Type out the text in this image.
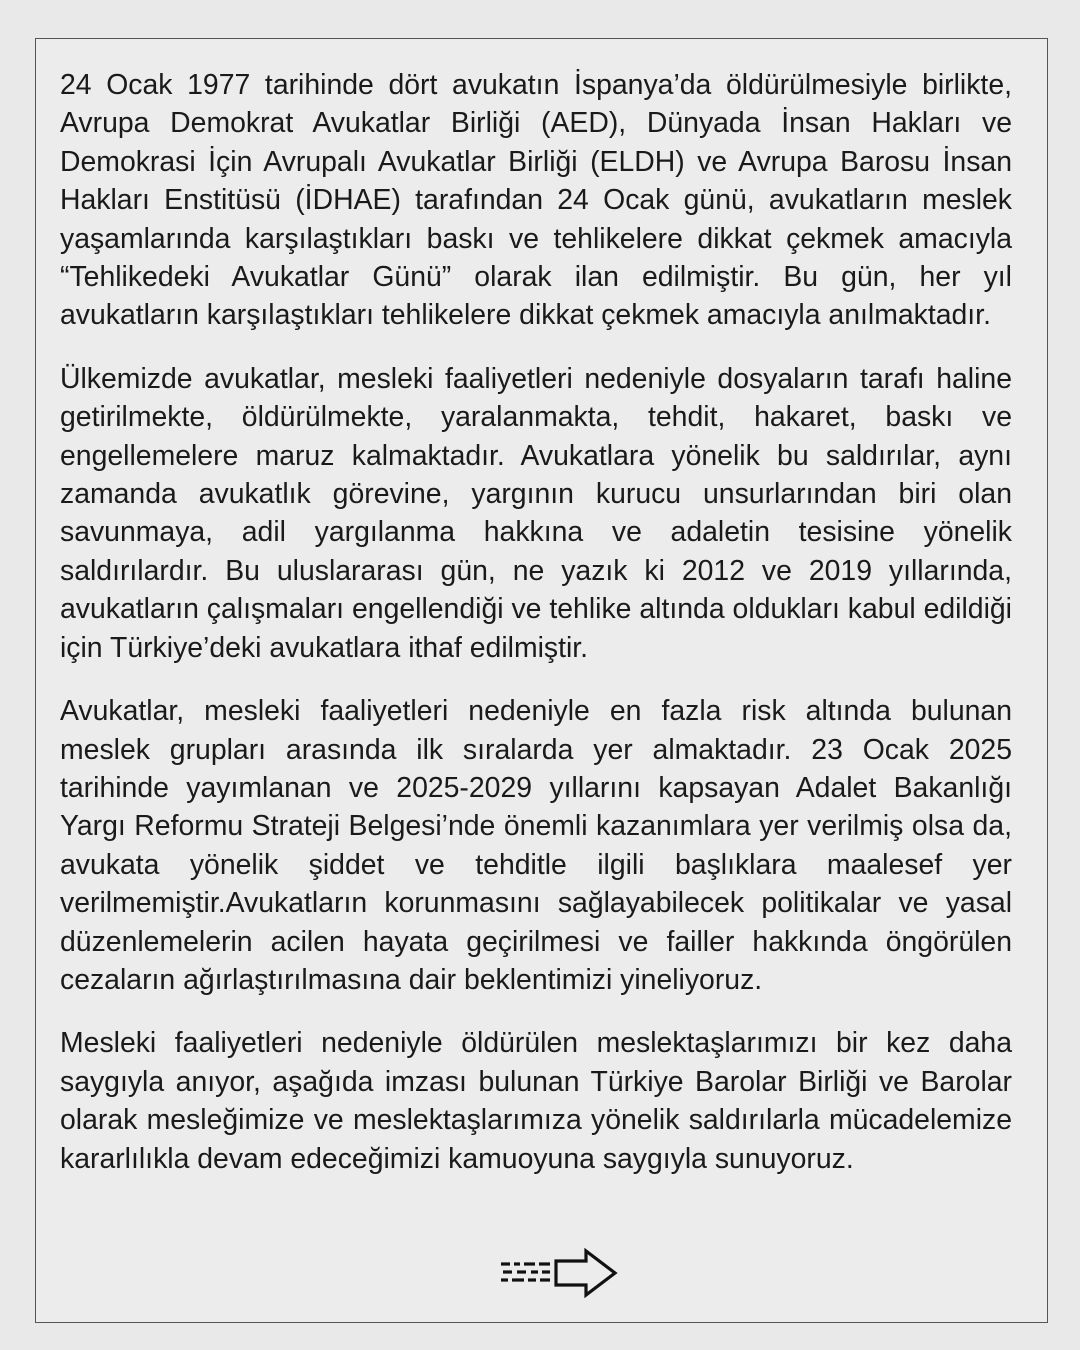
24 Ocak 1977 tarihinde dört avukatın İspanya’da öldürülmesiyle birlikte, Avrupa Demokrat Avukatlar Birliği (AED), Dünyada İnsan Hakları ve Demokrasi İçin Avrupalı Avukatlar Birliği (ELDH) ve Avrupa Barosu İnsan Hakları Enstitüsü (İDHAE) tarafından 24 Ocak günü, avukatların meslek yaşamlarında karşılaştıkları baskı ve tehlikelere dikkat çekmek amacıyla “Tehlikedeki Avukatlar Günü” olarak ilan edilmiştir. Bu gün, her yıl avukatların karşılaştıkları tehlikelere dikkat çekmek amacıyla anılmaktadır.

Ülkemizde avukatlar, mesleki faaliyetleri nedeniyle dosyaların tarafı haline getirilmekte, öldürülmekte, yaralanmakta, tehdit, hakaret, baskı ve engellemelere maruz kalmaktadır. Avukatlara yönelik bu saldırılar, aynı zamanda avukatlık görevine, yargının kurucu unsurlarından biri olan savunmaya, adil yargılanma hakkına ve adaletin tesisine yönelik saldırılardır. Bu uluslararası gün, ne yazık ki 2012 ve 2019 yıllarında, avukatların çalışmaları engellendiği ve tehlike altında oldukları kabul edildiği için Türkiye’deki avukatlara ithaf edilmiştir.

Avukatlar, mesleki faaliyetleri nedeniyle en fazla risk altında bulunan meslek grupları arasında ilk sıralarda yer almaktadır. 23 Ocak 2025 tarihinde yayımlanan ve 2025-2029 yıllarını kapsayan Adalet Bakanlığı Yargı Reformu Strateji Belgesi’nde önemli kazanımlara yer verilmiş olsa da, avukata yönelik şiddet ve tehditle ilgili başlıklara maalesef yer verilmemiştir.Avukatların korunmasını sağlayabilecek politikalar ve yasal düzenlemelerin acilen hayata geçirilmesi ve failler hakkında öngörülen cezaların ağırlaştırılmasına dair beklentimizi yineliyoruz.

Mesleki faaliyetleri nedeniyle öldürülen meslektaşlarımızı bir kez daha saygıyla anıyor, aşağıda imzası bulunan Türkiye Barolar Birliği ve Barolar olarak mesleğimize ve meslektaşlarımıza yönelik saldırılarla mücadelemize kararlılıkla devam edeceğimizi kamuoyuna saygıyla sunuyoruz.
